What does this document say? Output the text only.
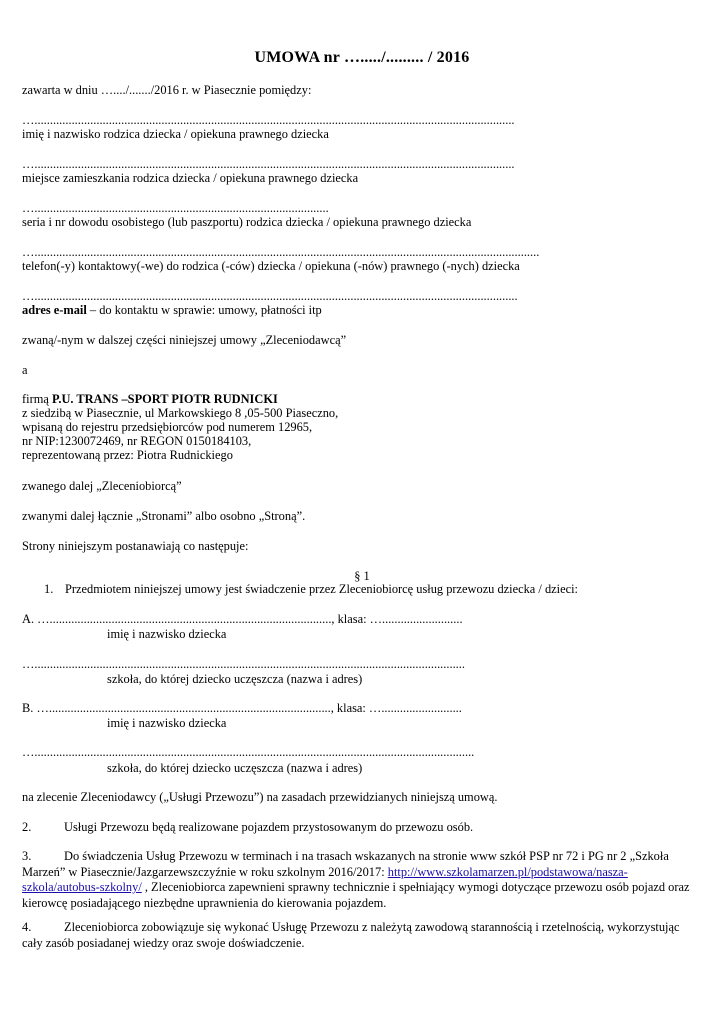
UMOWA nr …...../......... / 2016
zawarta w dniu …..../......./2016 r. w Piasecznie pomiędzy:
…...........................................................................................................................................................
imię i nazwisko rodzica dziecka / opiekuna prawnego dziecka
…...........................................................................................................................................................
miejsce zamieszkania rodzica dziecka / opiekuna prawnego dziecka
…...............................................................................................
seria i nr dowodu osobistego (lub paszportu) rodzica dziecka / opiekuna prawnego dziecka
…...................................................................................................................................................................
telefon(-y) kontaktowy(-we) do rodzica (-ców) dziecka / opiekuna (-nów) prawnego (-nych) dziecka
…............................................................................................................................................................
adres e-mail – do kontaktu w sprawie: umowy, płatności itp
zwaną/-nym w dalszej części niniejszej umowy „Zleceniodawcą”
a
firmą P.U. TRANS –SPORT PIOTR RUDNICKI
z siedzibą w Piasecznie, ul Markowskiego 8 ,05-500 Piaseczno,
wpisaną do rejestru przedsiębiorców pod numerem 12965,
nr NIP:1230072469, nr REGON 0150184103,
reprezentowaną przez: Piotra Rudnickiego
zwanego dalej „Zleceniobiorcą”
zwanymi dalej łącznie „Stronami” albo osobno „Stroną”.
Strony niniejszym postanawiają co następuje:
§ 1
1. Przedmiotem niniejszej umowy jest świadczenie przez Zleceniobiorcę usług przewozu dziecka / dzieci:
A. …..........................................................................................., klasa: …..........................
imię i nazwisko dziecka
…...........................................................................................................................................
szkoła, do której dziecko uczęszcza (nazwa i adres)
B. …..........................................................................................., klasa: …..........................
imię i nazwisko dziecka
…..............................................................................................................................................
szkoła, do której dziecko uczęszcza (nazwa i adres)
na zlecenie Zleceniodawcy („Usługi Przewozu”) na zasadach przewidzianych niniejszą umową.
2.	Usługi Przewozu będą realizowane pojazdem przystosowanym do przewozu osób.
3.	Do świadczenia Usług Przewozu w terminach i na trasach wskazanych na stronie www szkół PSP nr 72 i PG nr 2 „Szkoła Marzeń” w Piasecznie/Jazgarzewszczyźnie w roku szkolnym 2016/2017: http://www.szkolamarzen.pl/podstawowa/nasza-szkola/autobus-szkolny/ , Zleceniobiorca zapewnieni sprawny technicznie i spełniający wymogi dotyczące przewozu osób pojazd oraz kierowcę posiadającego niezbędne uprawnienia do kierowania pojazdem.
4.	Zleceniobiorca zobowiązuje się wykonać Usługę Przewozu z należytą zawodową starannością i rzetelnością, wykorzystując cały zasób posiadanej wiedzy oraz swoje doświadczenie.
